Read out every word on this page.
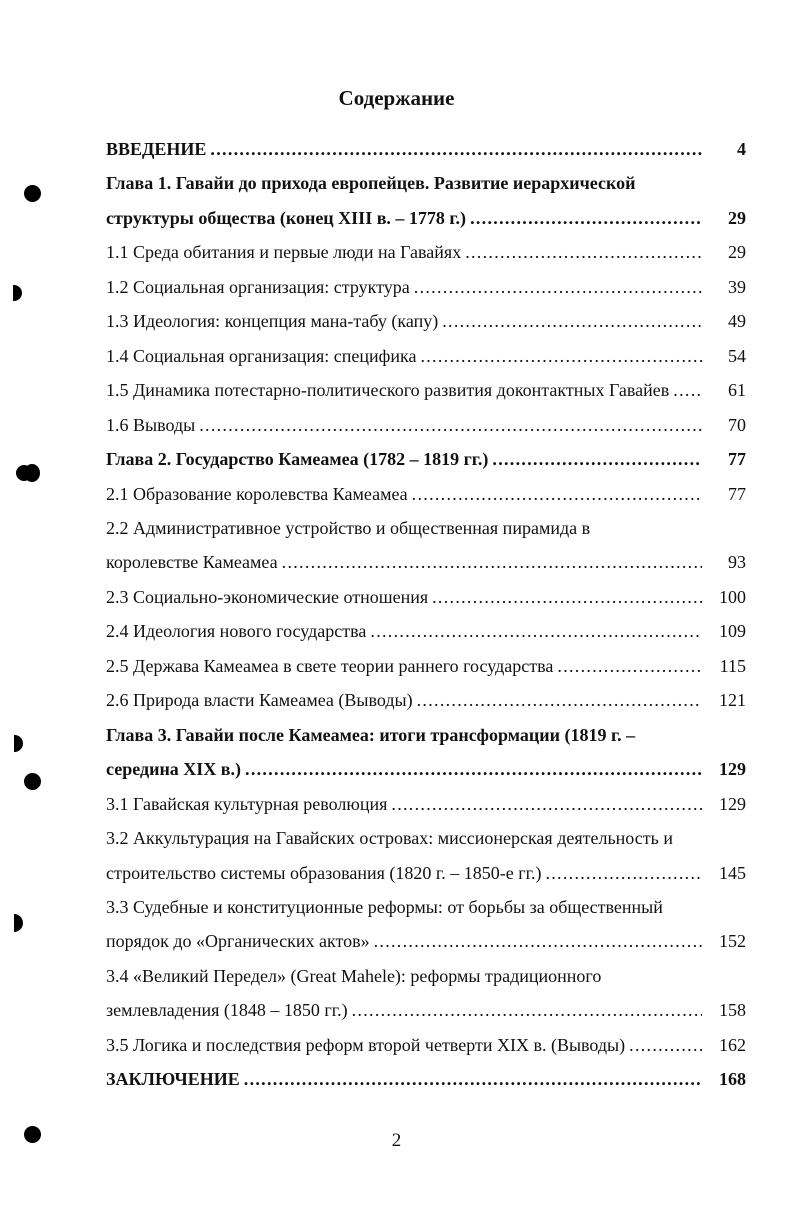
Содержание
ВВЕДЕНИЕ . . .	4
Глава 1. Гавайи до прихода европейцев. Развитие иерархической
структуры общества (конец XIII в. – 1778 г.) . . .	29
1.1 Среда обитания и первые люди на Гавайях . . .	29
1.2 Социальная организация: структура . . .	39
1.3 Идеология: концепция мана-табу (капу) . . .	49
1.4 Социальная организация: специфика . . .	54
1.5 Динамика потестарно-политического развития доконтактных Гавайев . . .	61
1.6 Выводы . . .	70
Глава 2. Государство Камеамеа (1782 – 1819 гг.) . . .	77
2.1 Образование королевства Камеамеа . . .	77
2.2 Административное устройство и общественная пирамида в
королевстве Камеамеа . . .	93
2.3 Социально-экономические отношения . . .	100
2.4 Идеология нового государства . . .	109
2.5 Держава Камеамеа в свете теории раннего государства . . .	115
2.6 Природа власти Камеамеа (Выводы) . . .	121
Глава 3. Гавайи после Камеамеа: итоги трансформации (1819 г. –
середина XIX в.) . . .	129
3.1 Гавайская культурная революция . . .	129
3.2 Аккультурация на Гавайских островах: миссионерская деятельность и
строительство системы образования (1820 г. – 1850-е гг.) . . .	145
3.3 Судебные и конституционные реформы: от борьбы за общественный
порядок до «Органических актов» . . .	152
3.4 «Великий Передел» (Great Mahele): реформы традиционного
землевладения (1848 – 1850 гг.) . . .	158
3.5 Логика и последствия реформ второй четверти XIX в. (Выводы) . . .	162
ЗАКЛЮЧЕНИЕ . . .	168
2
